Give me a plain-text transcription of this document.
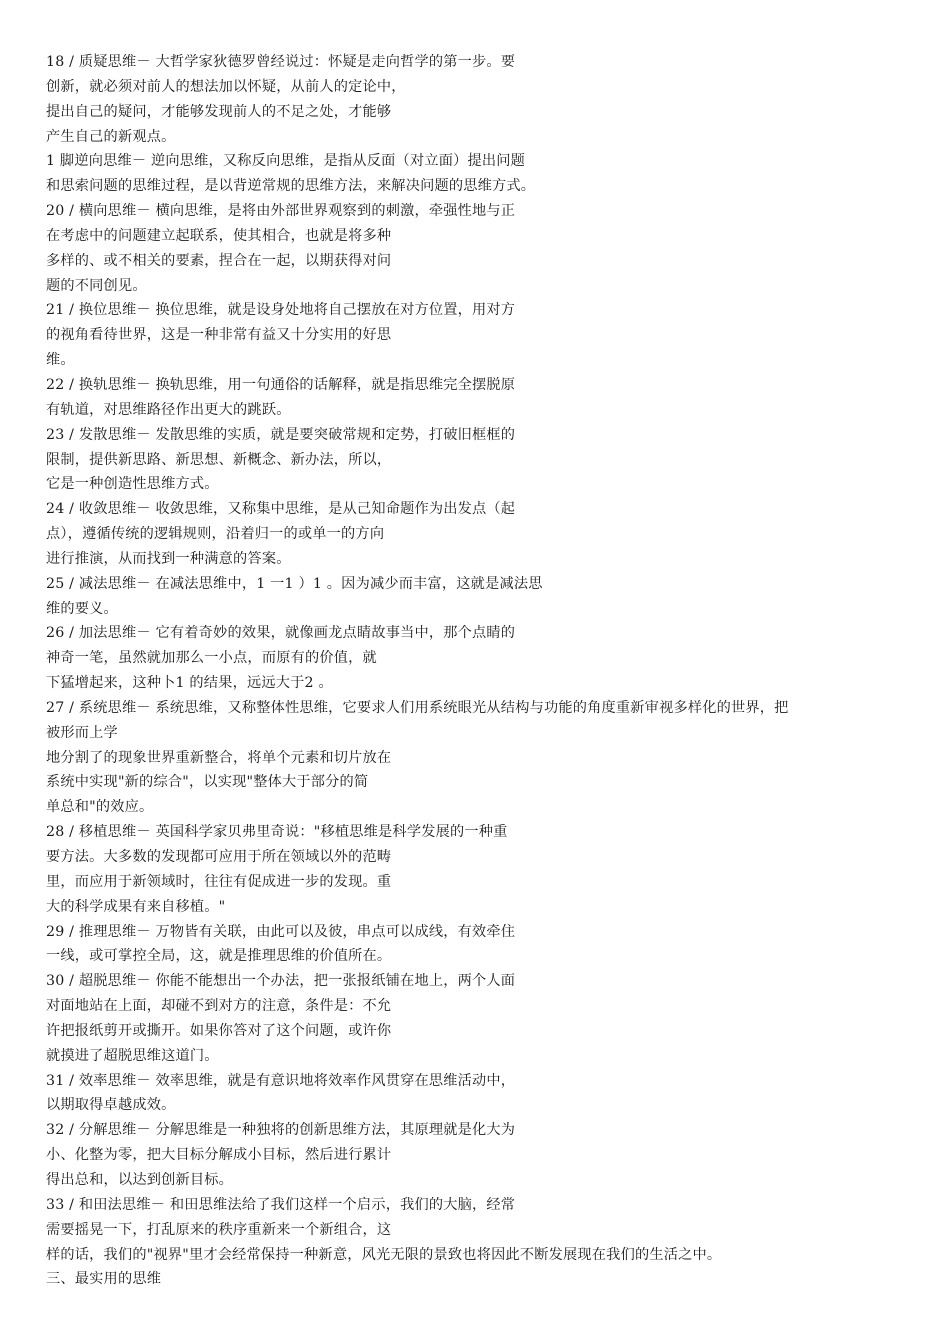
18 / 质疑思维－ 大哲学家狄德罗曾经说过：怀疑是走向哲学的第一步。要
创新，就必须对前人的想法加以怀疑，从前人的定论中，
提出自己的疑问，才能够发现前人的不足之处，才能够
产生自己的新观点。
1 脚逆向思维－ 逆向思维，又称反向思维，是指从反面（对立面）提出问题
和思索问题的思维过程，是以背逆常规的思维方法，来解决问题的思维方式。
20 / 横向思维－ 横向思维，是将由外部世界观察到的刺激，牵强性地与正
在考虑中的问题建立起联系，使其相合，也就是将多种
多样的、或不相关的要素，捏合在一起，以期获得对问
题的不同创见。
21 / 换位思维－ 换位思维，就是设身处地将自己摆放在对方位置，用对方
的视角看待世界，这是一种非常有益又十分实用的好思
维。
22 / 换轨思维－ 换轨思维，用一句通俗的话解释，就是指思维完全摆脱原
有轨道，对思维路径作出更大的跳跃。
23 / 发散思维－ 发散思维的实质，就是要突破常规和定势，打破旧框框的
限制，提供新思路、新思想、新概念、新办法，所以，
它是一种创造性思维方式。
24 / 收敛思维－ 收敛思维，又称集中思维，是从己知命题作为出发点（起
点），遵循传统的逻辑规则，沿着归一的或单一的方向
进行推演，从而找到一种满意的答案。
25 / 减法思维－ 在减法思维中，1 一1 ）1 。因为减少而丰富，这就是减法思
维的要义。
26 / 加法思维－ 它有着奇妙的效果，就像画龙点睛故事当中，那个点睛的
神奇一笔，虽然就加那么一小点，而原有的价值，就
下猛增起来，这种卜1 的结果，远远大于2 。
27 / 系统思维－ 系统思维，又称整体性思维，它要求人们用系统眼光从结构与功能的角度重新审视多样化的世界，把
被形而上学
地分割了的现象世界重新整合，将单个元素和切片放在
系统中实现"新的综合"，以实现"整体大于部分的简
单总和"的效应。
28 / 移植思维－ 英国科学家贝弗里奇说："移植思维是科学发展的一种重
要方法。大多数的发现都可应用于所在领域以外的范畴
里，而应用于新领域时，往往有促成进一步的发现。重
大的科学成果有来自移植。"
29 / 推理思维－ 万物皆有关联，由此可以及彼，串点可以成线，有效牵住
一线，或可掌控全局，这，就是推理思维的价值所在。
30 / 超脱思维－ 你能不能想出一个办法，把一张报纸铺在地上，两个人面
对面地站在上面，却碰不到对方的注意，条件是：不允
许把报纸剪开或撕开。如果你答对了这个问题，或许你
就摸进了超脱思维这道门。
31 / 效率思维－ 效率思维，就是有意识地将效率作风贯穿在思维活动中，
以期取得卓越成效。
32 / 分解思维－ 分解思维是一种独将的创新思维方法，其原理就是化大为
小、化整为零，把大目标分解成小目标，然后进行累计
得出总和，以达到创新目标。
33 / 和田法思维－ 和田思维法给了我们这样一个启示，我们的大脑，经常
需要摇晃一下，打乱原来的秩序重新来一个新组合，这
样的话，我们的"视界"里才会经常保持一种新意，风光无限的景致也将因此不断发展现在我们的生活之中。
三、最实用的思维
